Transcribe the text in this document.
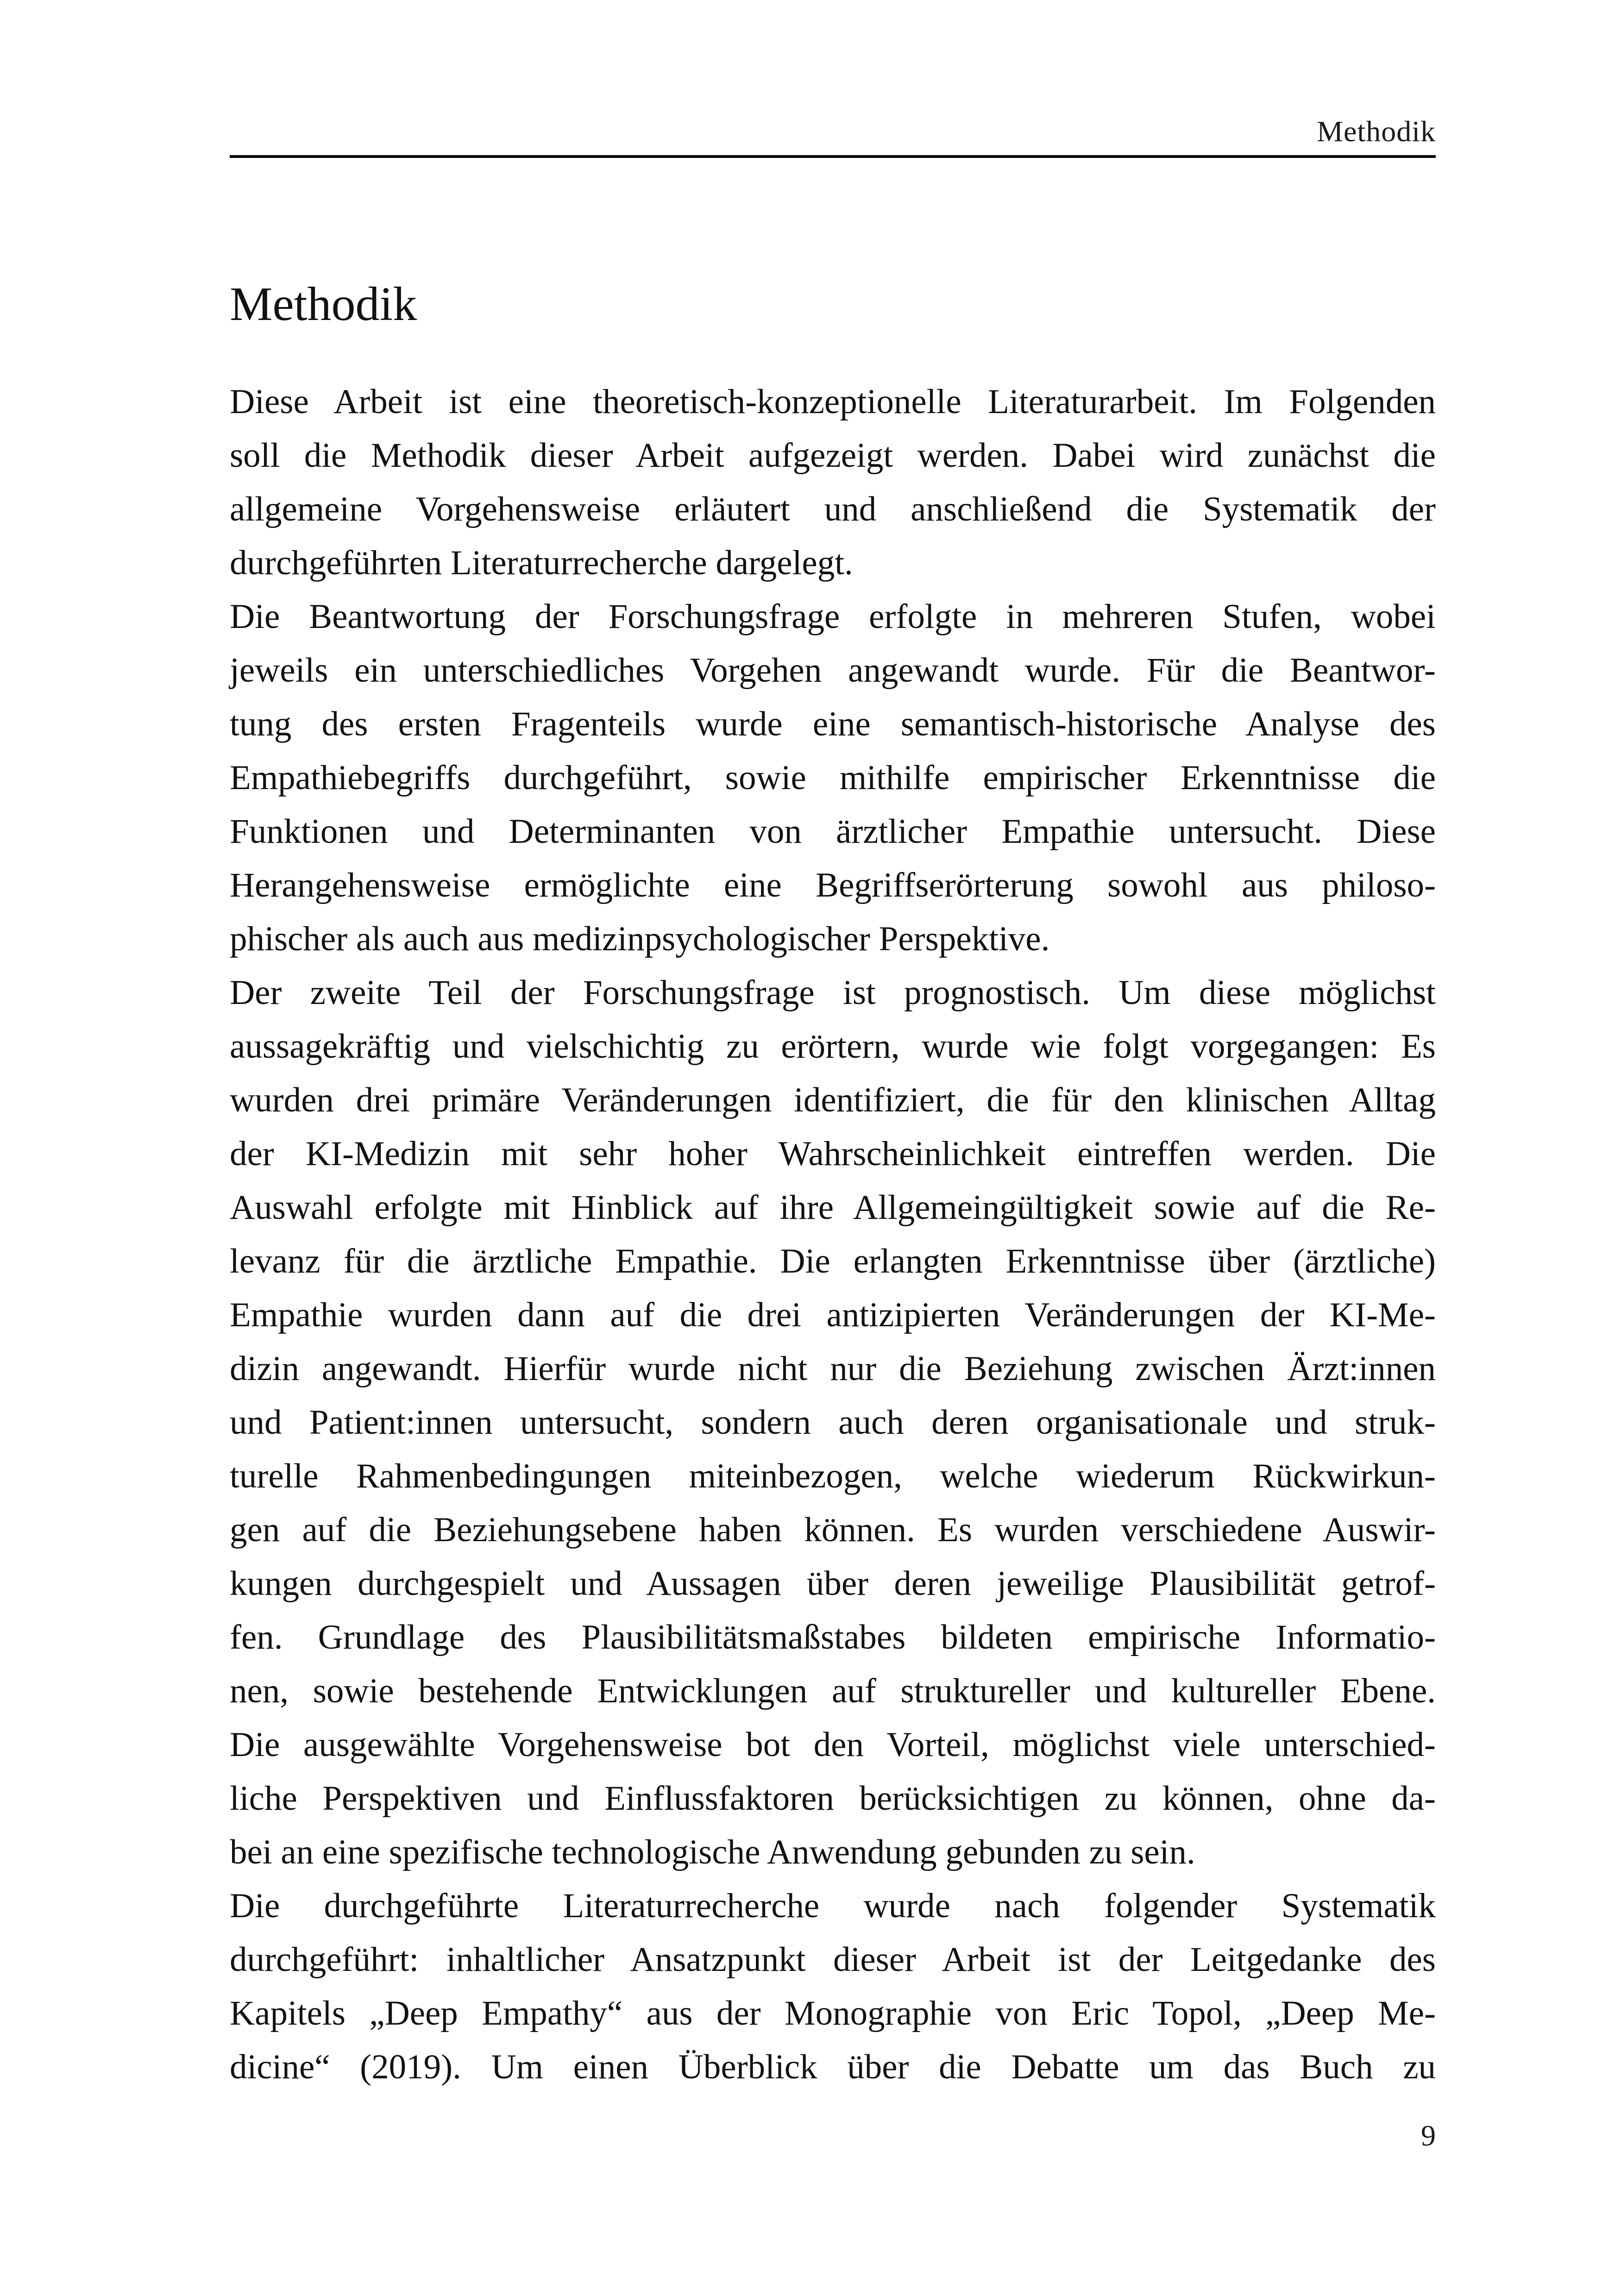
Methodik
Methodik
Diese Arbeit ist eine theoretisch-konzeptionelle Literaturarbeit. Im Folgenden
soll die Methodik dieser Arbeit aufgezeigt werden. Dabei wird zunächst die
allgemeine Vorgehensweise erläutert und anschließend die Systematik der
durchgeführten Literaturrecherche dargelegt.
Die Beantwortung der Forschungsfrage erfolgte in mehreren Stufen, wobei
jeweils ein unterschiedliches Vorgehen angewandt wurde. Für die Beantwor-
tung des ersten Fragenteils wurde eine semantisch-historische Analyse des
Empathiebegriffs durchgeführt, sowie mithilfe empirischer Erkenntnisse die
Funktionen und Determinanten von ärztlicher Empathie untersucht. Diese
Herangehensweise ermöglichte eine Begriffserörterung sowohl aus philoso-
phischer als auch aus medizinpsychologischer Perspektive.
Der zweite Teil der Forschungsfrage ist prognostisch. Um diese möglichst
aussagekräftig und vielschichtig zu erörtern, wurde wie folgt vorgegangen: Es
wurden drei primäre Veränderungen identifiziert, die für den klinischen Alltag
der KI-Medizin mit sehr hoher Wahrscheinlichkeit eintreffen werden. Die
Auswahl erfolgte mit Hinblick auf ihre Allgemeingültigkeit sowie auf die Re-
levanz für die ärztliche Empathie. Die erlangten Erkenntnisse über (ärztliche)
Empathie wurden dann auf die drei antizipierten Veränderungen der KI-Me-
dizin angewandt. Hierfür wurde nicht nur die Beziehung zwischen Ärzt:innen
und Patient:innen untersucht, sondern auch deren organisationale und struk-
turelle Rahmenbedingungen miteinbezogen, welche wiederum Rückwirkun-
gen auf die Beziehungsebene haben können. Es wurden verschiedene Auswir-
kungen durchgespielt und Aussagen über deren jeweilige Plausibilität getrof-
fen. Grundlage des Plausibilitätsmaßstabes bildeten empirische Informatio-
nen, sowie bestehende Entwicklungen auf struktureller und kultureller Ebene.
Die ausgewählte Vorgehensweise bot den Vorteil, möglichst viele unterschied-
liche Perspektiven und Einflussfaktoren berücksichtigen zu können, ohne da-
bei an eine spezifische technologische Anwendung gebunden zu sein.
Die durchgeführte Literaturrecherche wurde nach folgender Systematik
durchgeführt: inhaltlicher Ansatzpunkt dieser Arbeit ist der Leitgedanke des
Kapitels „Deep Empathy“ aus der Monographie von Eric Topol, „Deep Me-
dicine“ (2019). Um einen Überblick über die Debatte um das Buch zu
9
